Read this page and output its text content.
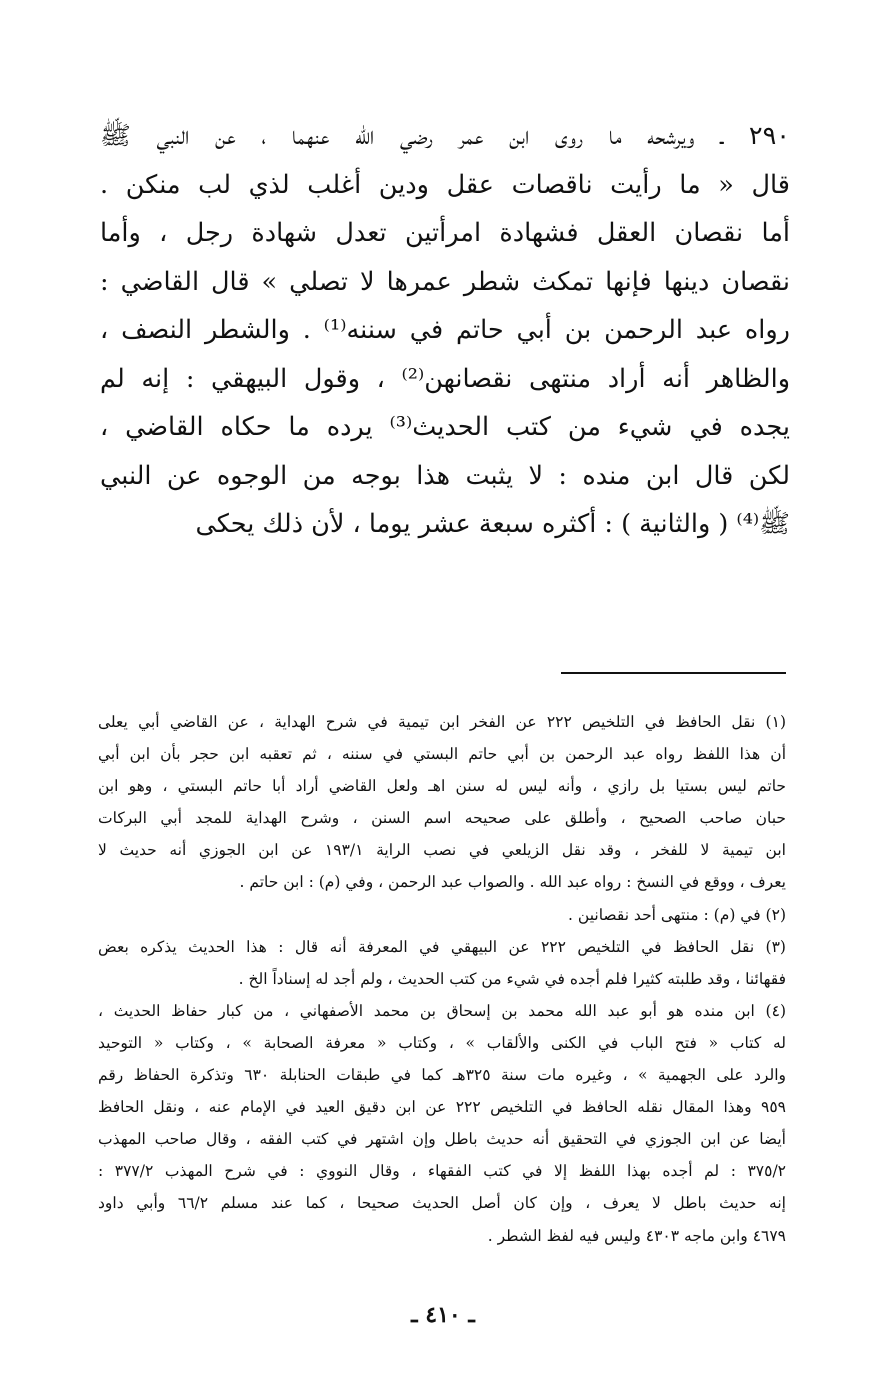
٢٩٠ ـ ويرشحه ما روى ابن عمر رضي الله عنهما ، عن النبي ﷺ
قال « ما رأيت ناقصات عقل ودين أغلب لذي لب منكن .
أما نقصان العقل فشهادة امرأتين تعدل شهادة رجل ، وأما
نقصان دينها فإنها تمكث شطر عمرها لا تصلي » قال القاضي :
رواه عبد الرحمن بن أبي حاتم في سننه⁽¹⁾ . والشطر النصف ،
والظاهر أنه أراد منتهى نقصانهن⁽²⁾ ، وقول البيهقي : إنه لم
يجده في شيء من كتب الحديث⁽³⁾ يرده ما حكاه القاضي ،
لكن قال ابن منده : لا يثبت هذا بوجه من الوجوه عن النبي
ﷺ⁽⁴⁾ ( والثانية ) : أكثره سبعة عشر يوما ، لأن ذلك يحكى
(١) نقل الحافظ في التلخيص ٢٢٢ عن الفخر ابن تيمية في شرح الهداية ، عن القاضي أبي يعلى
أن هذا اللفظ رواه عبد الرحمن بن أبي حاتم البستي في سننه ، ثم تعقبه ابن حجر بأن ابن أبي
حاتم ليس بستيا بل رازي ، وأنه ليس له سنن اهـ ولعل القاضي أراد أبا حاتم البستي ، وهو ابن
حبان صاحب الصحيح ، وأطلق على صحيحه اسم السنن ، وشرح الهداية للمجد أبي البركات
ابن تيمية لا للفخر ، وقد نقل الزيلعي في نصب الراية ١٩٣/١ عن ابن الجوزي أنه حديث لا
يعرف ، ووقع في النسخ : رواه عبد الله . والصواب عبد الرحمن ، وفي (م) : ابن حاتم .
(٢) في (م) : منتهى أحد نقصانين .
(٣) نقل الحافظ في التلخيص ٢٢٢ عن البيهقي في المعرفة أنه قال : هذا الحديث يذكره بعض
فقهائنا ، وقد طلبته كثيرا فلم أجده في شيء من كتب الحديث ، ولم أجد له إسناداً الخ .
(٤) ابن منده هو أبو عبد الله محمد بن إسحاق بن محمد الأصفهاني ، من كبار حفاظ الحديث ،
له كتاب « فتح الباب في الكنى والألقاب » ، وكتاب « معرفة الصحابة » ، وكتاب « التوحيد
والرد على الجهمية » ، وغيره مات سنة ٣٢٥هـ كما في طبقات الحنابلة ٦٣٠ وتذكرة الحفاظ رقم
٩٥٩ وهذا المقال نقله الحافظ في التلخيص ٢٢٢ عن ابن دقيق العيد في الإمام عنه ، ونقل الحافظ
أيضا عن ابن الجوزي في التحقيق أنه حديث باطل وإن اشتهر في كتب الفقه ، وقال صاحب المهذب
٣٧٥/٢ : لم أجده بهذا اللفظ إلا في كتب الفقهاء ، وقال النووي : في شرح المهذب ٣٧٧/٢ :
إنه حديث باطل لا يعرف ، وإن كان أصل الحديث صحيحا ، كما عند مسلم ٦٦/٢ وأبي داود
٤٦٧٩ وابن ماجه ٤٣٠٣ وليس فيه لفظ الشطر .
ـ ٤١٠ ـ
